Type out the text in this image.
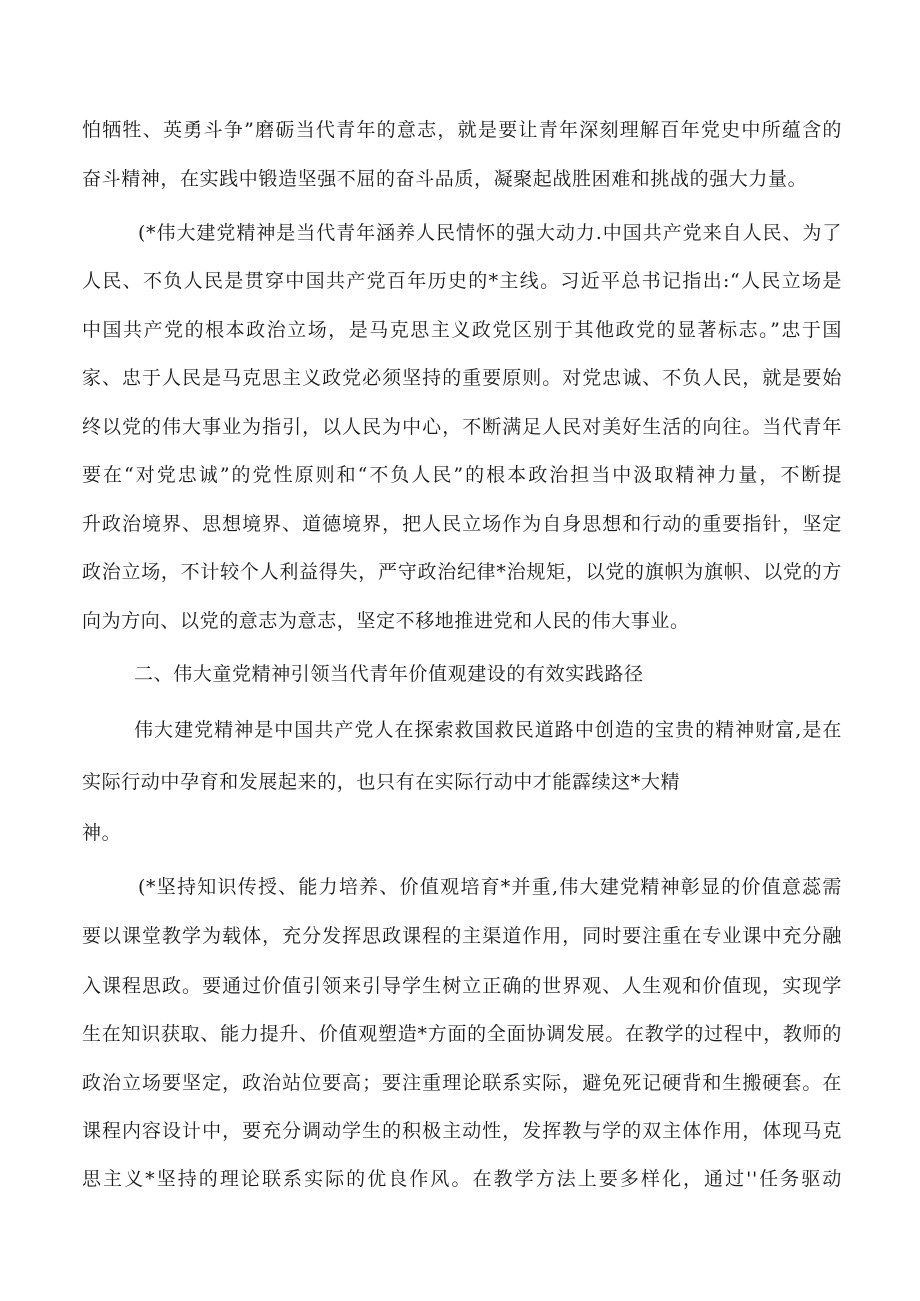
怕牺牲、英勇斗争”磨砺当代青年的意志，就是要让青年深刻理解百年党史中所蕴含的
奋斗精神，在实践中锻造坚强不屈的奋斗品质，凝聚起战胜困难和挑战的强大力量。
(*伟大建党精神是当代青年涵养人民情怀的强大动力.中国共产党来自人民、为了
人民、不负人民是贯穿中国共产党百年历史的*主线。习近平总书记指出:“人民立场是
中国共产党的根本政治立场，是马克思主义政党区别于其他政党的显著标志。”忠于国
家、忠于人民是马克思主义政党必须坚持的重要原则。对党忠诚、不负人民，就是要始
终以党的伟大事业为指引，以人民为中心，不断满足人民对美好生活的向往。当代青年
要在“对党忠诚”的党性原则和“不负人民”的根本政治担当中汲取精神力量，不断提
升政治境界、思想境界、道德境界，把人民立场作为自身思想和行动的重要指针，坚定
政治立场，不计较个人利益得失，严守政治纪律*治规矩，以党的旗帜为旗帜、以党的方
向为方向、以党的意志为意志，坚定不移地推进党和人民的伟大事业。
二、伟大童党精神引领当代青年价值观建设的有效实践路径
伟大建党精神是中国共产党人在探索救国救民道路中创造的宝贵的精神财富,是在
实际行动中孕育和发展起来的，也只有在实际行动中才能霹续这*大精
神。
(*坚持知识传授、能力培养、价值观培育*并重,伟大建党精神彰显的价值意蕊需
要以课堂教学为载体，充分发挥思政课程的主渠道作用，同时要注重在专业课中充分融
入课程思政。要通过价值引领来引导学生树立正确的世界观、人生观和价值现，实现学
生在知识获取、能力提升、价值观塑造*方面的全面协调发展。在教学的过程中，教师的
政治立场要坚定，政治站位要高；要注重理论联系实际，避免死记硬背和生搬硬套。在
课程内容设计中，要充分调动学生的积极主动性，发挥教与学的双主体作用，体现马克
思主义*坚持的理论联系实际的优良作风。在教学方法上要多样化，通过''任务驱动
